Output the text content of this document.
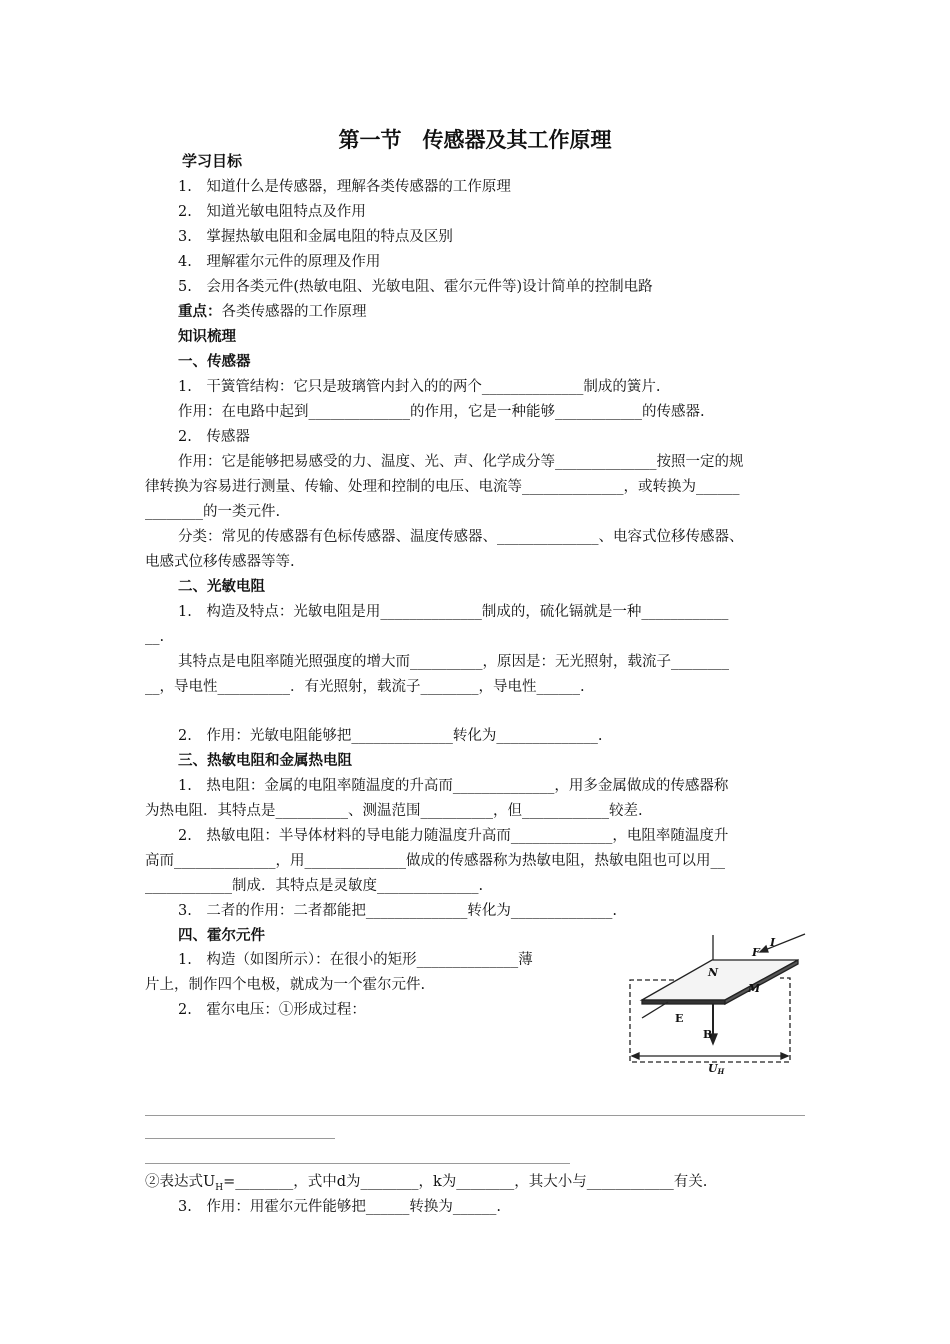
第一节　传感器及其工作原理
学习目标
1.　知道什么是传感器，理解各类传感器的工作原理
2.　知道光敏电阻特点及作用
3.　掌握热敏电阻和金属电阻的特点及区别
4.　理解霍尔元件的原理及作用
5.　会用各类元件(热敏电阻、光敏电阻、霍尔元件等)设计简单的控制电路
重点：各类传感器的工作原理
知识梳理
一、传感器
1.　干簧管结构：它只是玻璃管内封入的的两个______________制成的簧片.
作用：在电路中起到______________的作用，它是一种能够____________的传感器.
2.　传感器
作用：它是能够把易感受的力、温度、光、声、化学成分等______________按照一定的规
律转换为容易进行测量、传输、处理和控制的电压、电流等______________，或转换为______
________的一类元件.
分类：常见的传感器有色标传感器、温度传感器、______________、电容式位移传感器、
电感式位移传感器等等.
二、光敏电阻
1.　构造及特点：光敏电阻是用______________制成的，硫化镉就是一种____________
__.
其特点是电阻率随光照强度的增大而__________，原因是：无光照射，载流子________
__，导电性__________．有光照射，载流子________，导电性______.
2.　作用：光敏电阻能够把______________转化为______________.
三、热敏电阻和金属热电阻
1.　热电阻：金属的电阻率随温度的升高而______________，用多金属做成的传感器称
为热电阻．其特点是__________、测温范围__________，但____________较差.
2.　热敏电阻：半导体材料的导电能力随温度升高而______________，电阻率随温度升
高而______________，用______________做成的传感器称为热敏电阻，热敏电阻也可以用__
____________制成．其特点是灵敏度______________.
3.　二者的作用：二者都能把______________转化为______________.
四、霍尔元件
1.　构造（如图所示）：在很小的矩形______________薄
片上，制作四个电极，就成为一个霍尔元件.
2.　霍尔电压：①形成过程：
②表达式$U_H=\_\_\_\_\_\_\_\_$，式中d为________，k为________，其大小与____________有关.
3.　作用：用霍尔元件能够把______转换为______.
I
F
N
M
E
B
UH
